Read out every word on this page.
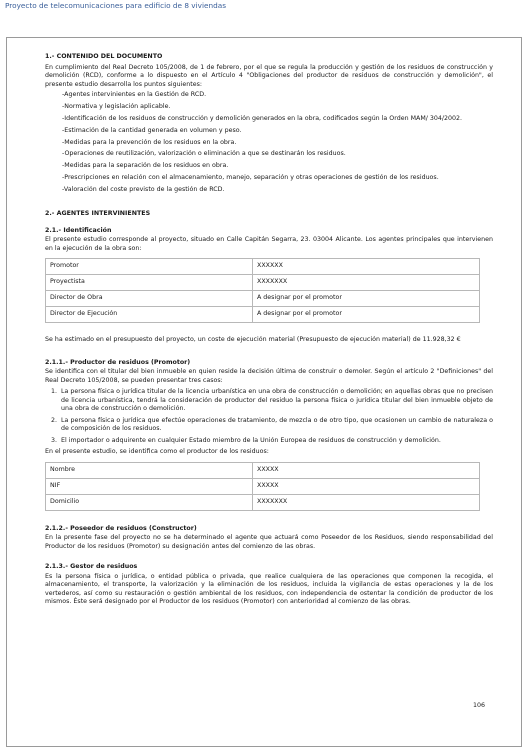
Proyecto de telecomunicaciones para edificio de 8 viviendas
1.- CONTENIDO DEL DOCUMENTO

En cumplimiento del Real Decreto 105/2008, de 1 de febrero, por el que se regula la producción y gestión de los residuos de construcción y demolición (RCD), conforme a lo dispuesto en el Artículo 4 "Obligaciones del productor de residuos de construcción y demolición", el presente estudio desarrolla los puntos siguientes:

- Agentes intervinientes en la Gestión de RCD.
- Normativa y legislación aplicable.
- Identificación de los residuos de construcción y demolición generados en la obra, codificados según la Orden MAM/ 304/2002.
- Estimación de la cantidad generada en volumen y peso.
- Medidas para la prevención de los residuos en la obra.
- Operaciones de reutilización, valorización o eliminación a que se destinarán los residuos.
- Medidas para la separación de los residuos en obra.
- Prescripciones en relación con el almacenamiento, manejo, separación y otras operaciones de gestión de los residuos.
- Valoración del coste previsto de la gestión de RCD.
2.- AGENTES INTERVINIENTES
2.1.- Identificación

El presente estudio corresponde al proyecto, situado en Calle Capitán Segarra, 23. 03004 Alicante. Los agentes principales que intervienen en la ejecución de la obra son:

Promotor	XXXXXX
Proyectista	XXXXXXX
Director de Obra	A designar por el promotor
Director de Ejecución	A designar por el promotor

Se ha estimado en el presupuesto del proyecto, un coste de ejecución material (Presupuesto de ejecución material) de 11.928,32 €

2.1.1.- Productor de residuos (Promotor)

Se identifica con el titular del bien inmueble en quien reside la decisión última de construir o demoler. Según el artículo 2 "Definiciones" del Real Decreto 105/2008, se pueden presentar tres casos:

1. La persona física o jurídica titular de la licencia urbanística en una obra de construcción o demolición; en aquellas obras que no precisen de licencia urbanística, tendrá la consideración de productor del residuo la persona física o jurídica titular del bien inmueble objeto de una obra de construcción o demolición.
2. La persona física o jurídica que efectúe operaciones de tratamiento, de mezcla o de otro tipo, que ocasionen un cambio de naturaleza o de composición de los residuos.
3. El importador o adquirente en cualquier Estado miembro de la Unión Europea de residuos de construcción y demolición.

En el presente estudio, se identifica como el productor de los residuos:

Nombre	XXXXX
NIF	XXXXX
Domicilio	XXXXXXX
2.1.2.- Poseedor de residuos (Constructor)

En la presente fase del proyecto no se ha determinado el agente que actuará como Poseedor de los Residuos, siendo responsabilidad del Productor de los residuos (Promotor) su designación antes del comienzo de las obras.

2.1.3.- Gestor de residuos

Es la persona física o jurídica, o entidad pública o privada, que realice cualquiera de las operaciones que componen la recogida, el almacenamiento, el transporte, la valorización y la eliminación de los residuos, incluida la vigilancia de estas operaciones y la de los vertederos, así como su restauración o gestión ambiental de los residuos, con independencia de ostentar la condición de productor de los mismos. Éste será designado por el Productor de los residuos (Promotor) con anterioridad al comienzo de las obras.

106
